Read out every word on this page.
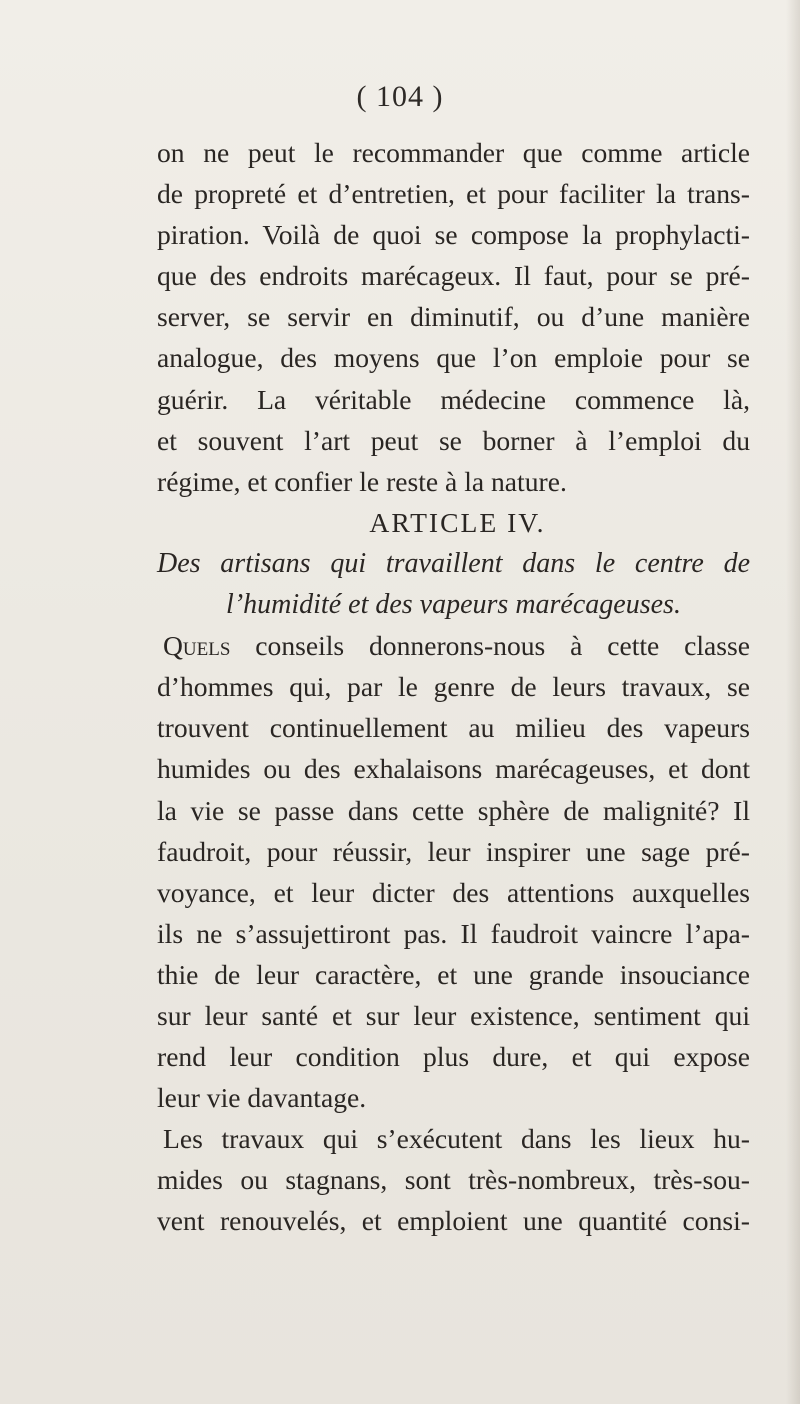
( 104 )
on ne peut le recommander que comme article
de propreté et d’entretien, et pour faciliter la trans-
piration. Voilà de quoi se compose la prophylacti-
que des endroits marécageux. Il faut, pour se pré-
server, se servir en diminutif, ou d’une manière
analogue, des moyens que l’on emploie pour se
guérir. La véritable médecine commence là,
et souvent l’art peut se borner à l’emploi du
régime, et confier le reste à la nature.
ARTICLE IV.
Des artisans qui travaillent dans le centre de
l’humidité et des vapeurs marécageuses.
Quels conseils donnerons-nous à cette classe
d’hommes qui, par le genre de leurs travaux, se
trouvent continuellement au milieu des vapeurs
humides ou des exhalaisons marécageuses, et dont
la vie se passe dans cette sphère de malignité? Il
faudroit, pour réussir, leur inspirer une sage pré-
voyance, et leur dicter des attentions auxquelles
ils ne s’assujettiront pas. Il faudroit vaincre l’apa-
thie de leur caractère, et une grande insouciance
sur leur santé et sur leur existence, sentiment qui
rend leur condition plus dure, et qui expose
leur vie davantage.
Les travaux qui s’exécutent dans les lieux hu-
mides ou stagnans, sont très-nombreux, très-sou-
vent renouvelés, et emploient une quantité consi-
